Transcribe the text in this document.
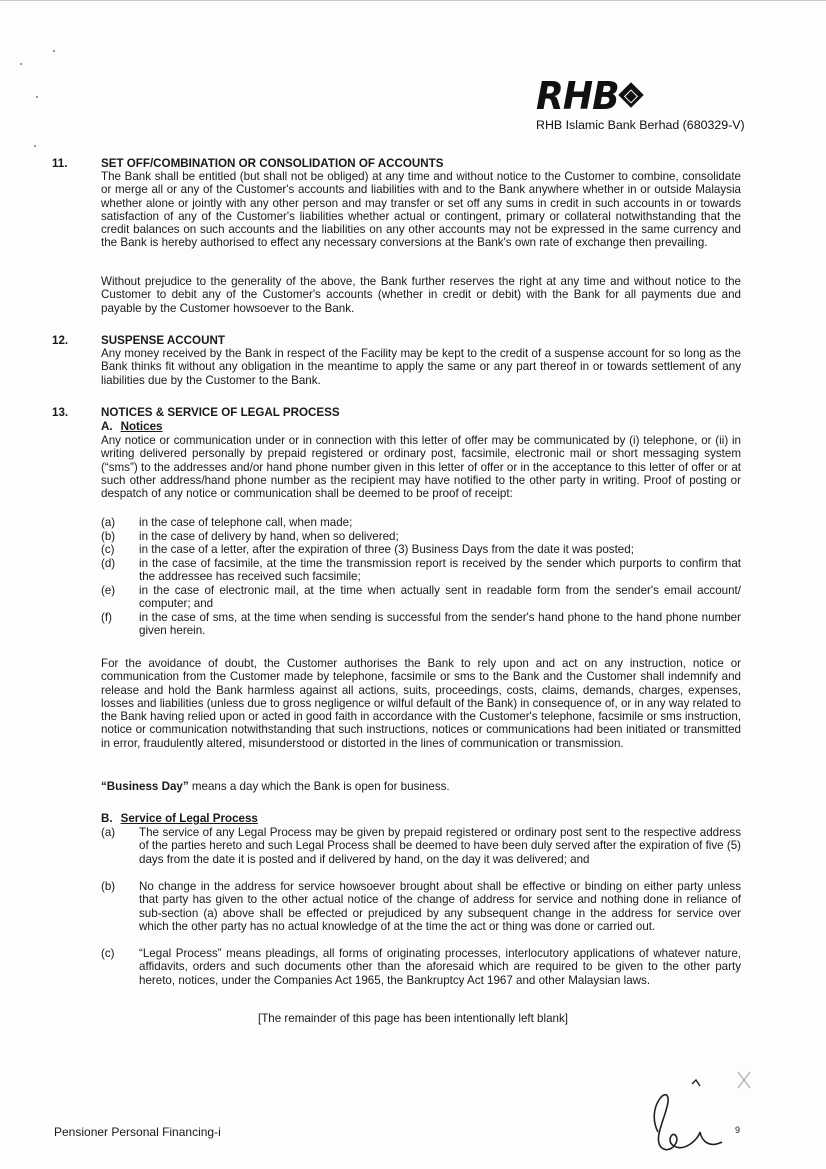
RHB
RHB Islamic Bank Berhad (680329-V)
11.	SET OFF/COMBINATION OR CONSOLIDATION OF ACCOUNTS
The Bank shall be entitled (but shall not be obliged) at any time and without notice to the Customer to combine, consolidate or merge all or any of the Customer's accounts and liabilities with and to the Bank anywhere whether in or outside Malaysia whether alone or jointly with any other person and may transfer or set off any sums in credit in such accounts in or towards satisfaction of any of the Customer's liabilities whether actual or contingent, primary or collateral notwithstanding that the credit balances on such accounts and the liabilities on any other accounts may not be expressed in the same currency and the Bank is hereby authorised to effect any necessary conversions at the Bank's own rate of exchange then prevailing.
Without prejudice to the generality of the above, the Bank further reserves the right at any time and without notice to the Customer to debit any of the Customer's accounts (whether in credit or debit) with the Bank for all payments due and payable by the Customer howsoever to the Bank.
12.	SUSPENSE ACCOUNT
Any money received by the Bank in respect of the Facility may be kept to the credit of a suspense account for so long as the Bank thinks fit without any obligation in the meantime to apply the same or any part thereof in or towards settlement of any liabilities due by the Customer to the Bank.
13.	NOTICES & SERVICE OF LEGAL PROCESS
A. Notices
Any notice or communication under or in connection with this letter of offer may be communicated by (i) telephone, or (ii) in writing delivered personally by prepaid registered or ordinary post, facsimile, electronic mail or short messaging system (“sms”) to the addresses and/or hand phone number given in this letter of offer or in the acceptance to this letter of offer or at such other address/hand phone number as the recipient may have notified to the other party in writing. Proof of posting or despatch of any notice or communication shall be deemed to be proof of receipt:
(a) in the case of telephone call, when made;
(b) in the case of delivery by hand, when so delivered;
(c) in the case of a letter, after the expiration of three (3) Business Days from the date it was posted;
(d) in the case of facsimile, at the time the transmission report is received by the sender which purports to confirm that the addressee has received such facsimile;
(e) in the case of electronic mail, at the time when actually sent in readable form from the sender's email account/ computer; and
(f) in the case of sms, at the time when sending is successful from the sender's hand phone to the hand phone number given herein.
For the avoidance of doubt, the Customer authorises the Bank to rely upon and act on any instruction, notice or communication from the Customer made by telephone, facsimile or sms to the Bank and the Customer shall indemnify and release and hold the Bank harmless against all actions, suits, proceedings, costs, claims, demands, charges, expenses, losses and liabilities (unless due to gross negligence or wilful default of the Bank) in consequence of, or in any way related to the Bank having relied upon or acted in good faith in accordance with the Customer's telephone, facsimile or sms instruction, notice or communication notwithstanding that such instructions, notices or communications had been initiated or transmitted in error, fraudulently altered, misunderstood or distorted in the lines of communication or transmission.
“Business Day” means a day which the Bank is open for business.
B. Service of Legal Process
(a) The service of any Legal Process may be given by prepaid registered or ordinary post sent to the respective address of the parties hereto and such Legal Process shall be deemed to have been duly served after the expiration of five (5) days from the date it is posted and if delivered by hand, on the day it was delivered; and
(b) No change in the address for service howsoever brought about shall be effective or binding on either party unless that party has given to the other actual notice of the change of address for service and nothing done in reliance of sub-section (a) above shall be effected or prejudiced by any subsequent change in the address for service over which the other party has no actual knowledge of at the time the act or thing was done or carried out.
(c) “Legal Process” means pleadings, all forms of originating processes, interlocutory applications of whatever nature, affidavits, orders and such documents other than the aforesaid which are required to be given to the other party hereto, notices, under the Companies Act 1965, the Bankruptcy Act 1967 and other Malaysian laws.
[The remainder of this page has been intentionally left blank]
Pensioner Personal Financing-i	9
